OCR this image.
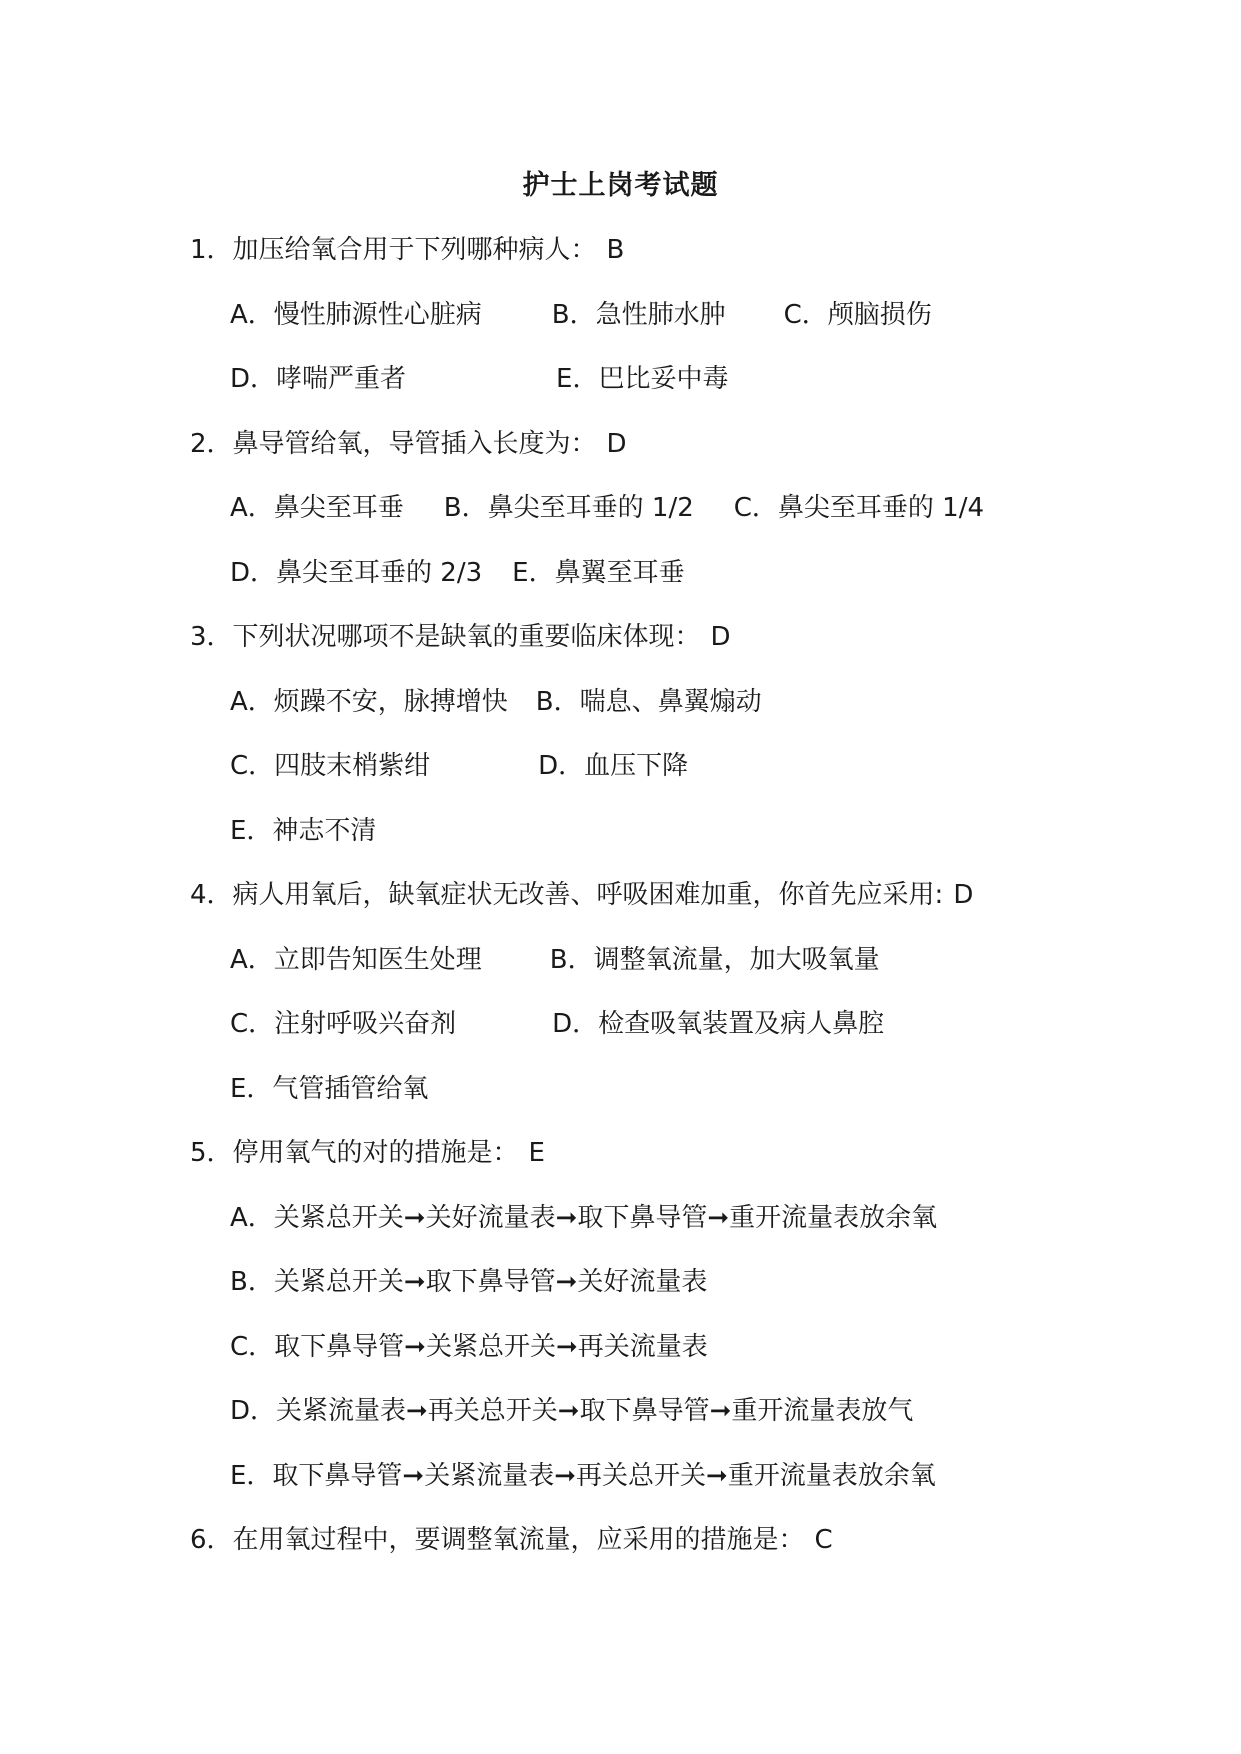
护士上岗考试题
1．加压给氧合用于下列哪种病人： B
A．慢性肺源性心脏病	B．急性肺水肿 C．颅脑损伤
D．哮喘严重者	E．巴比妥中毒
2．鼻导管给氧，导管插入长度为： D
A．鼻尖至耳垂 B．鼻尖至耳垂的 1/2 C．鼻尖至耳垂的 1/4
D．鼻尖至耳垂的 2/3 E．鼻翼至耳垂
3．下列状况哪项不是缺氧的重要临床体现： D
A．烦躁不安，脉搏增快 B．喘息、鼻翼煽动
C．四肢末梢紫绀	D．血压下降
E．神志不清
4．病人用氧后，缺氧症状无改善、呼吸困难加重，你首先应采用: D
A．立即告知医生处理	B．调整氧流量，加大吸氧量
C．注射呼吸兴奋剂	D．检查吸氧装置及病人鼻腔
E．气管插管给氧
5．停用氧气的对的措施是： E
A．关紧总开关➞关好流量表➞取下鼻导管➞重开流量表放余氧
B．关紧总开关➞取下鼻导管➞关好流量表
C．取下鼻导管➞关紧总开关➞再关流量表
D．关紧流量表➞再关总开关➞取下鼻导管➞重开流量表放气
E．取下鼻导管➞关紧流量表➞再关总开关➞重开流量表放余氧
6．在用氧过程中，要调整氧流量，应采用的措施是： C
